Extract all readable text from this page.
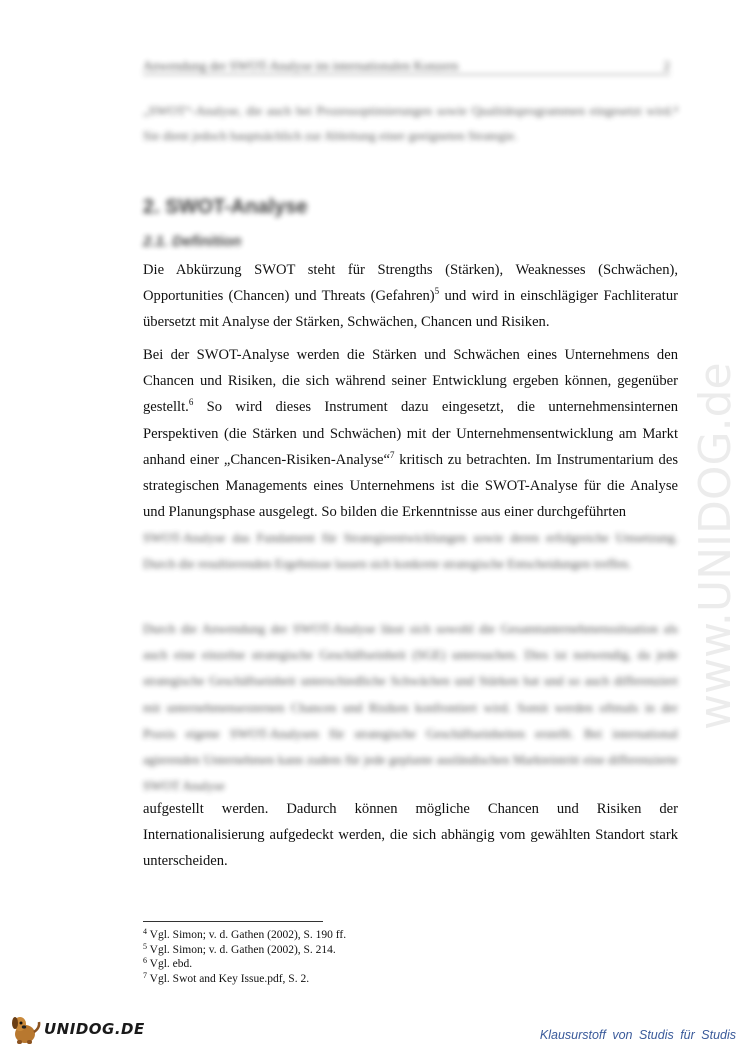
Anwendung der SWOT-Analyse im internationalen Konzern	2
„SWOT“-Analyse, die auch bei Prozessoptimierungen sowie Qualitätsprogrammen eingesetzt wird.⁴ Sie dient jedoch hauptsächlich zur Ableitung einer geeigneten Strategie.
2. SWOT-Analyse
2.1. Definition

Die Abkürzung SWOT steht für Strengths (Stärken), Weaknesses (Schwächen), Opportunities (Chancen) und Threats (Gefahren)$^5$ und wird in einschlägiger Fachliteratur übersetzt mit Analyse der Stärken, Schwächen, Chancen und Risiken.

Bei der SWOT-Analyse werden die Stärken und Schwächen eines Unternehmens den Chancen und Risiken, die sich während seiner Entwicklung ergeben können, gegenüber gestellt.$^6$ So wird dieses Instrument dazu eingesetzt, die unternehmensinternen Perspektiven (die Stärken und Schwächen) mit der Unternehmensentwicklung am Markt anhand einer „Chancen-Risiken-Analyse“$^7$ kritisch zu betrachten. Im Instrumentarium des strategischen Managements eines Unternehmens ist die SWOT-Analyse für die Analyse und Planungsphase ausgelegt. So bilden die Erkenntnisse aus einer durchgeführten

SWOT-Analyse das Fundament für Strategieentwicklungen sowie deren erfolgreiche Umsetzung. Durch die resultierenden Ergebnisse lassen sich konkrete strategische Entscheidungen treffen.
Durch die Anwendung der SWOT-Analyse lässt sich sowohl die Gesamtunternehmenssituation als auch eine einzelne strategische Geschäftseinheit (SGE) untersuchen. Dies ist notwendig, da jede strategische Geschäftseinheit unterschiedliche Schwächen und Stärken hat und so auch differenziert mit unternehmensexternen Chancen und Risiken konfrontiert wird. Somit werden oftmals in der Praxis eigene SWOT-Analysen für strategische Geschäftseinheiten erstellt. Bei international agierenden Unternehmen kann zudem für jede geplante ausländischen Markteintritt eine differenzierte SWOT Analyse
aufgestellt werden. Dadurch können mögliche Chancen und Risiken der Internationalisierung aufgedeckt werden, die sich abhängig vom gewählten Standort stark unterscheiden.
$^4$ Vgl. Simon; v. d. Gathen (2002), S. 190 ff.
$^5$ Vgl. Simon; v. d. Gathen (2002), S. 214.
$^6$ Vgl. ebd.
$^7$ Vgl. Swot and Key Issue.pdf, S. 2.
www.UNIDOG.de
UNIDOG.DE	Klausurstoff von Studis für Studis
